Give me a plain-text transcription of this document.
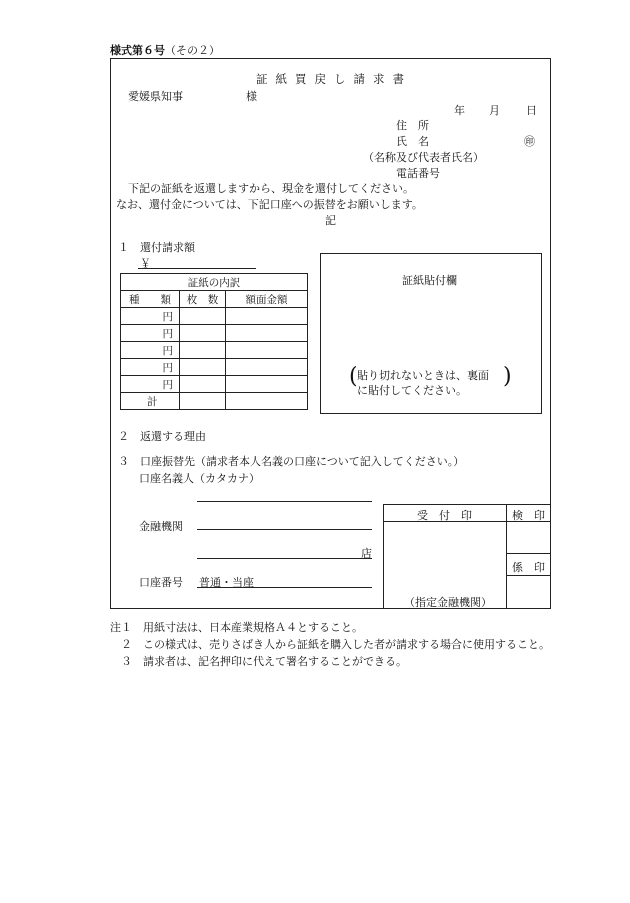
様式第６号（その２）
証紙買戻し請求書
愛媛県知事	様
年 月 日
住　所
氏　名	㊞
（名称及び代表者氏名）
電話番号
下記の証紙を返還しますから、現金を還付してください。
なお、還付金については、下記口座への振替をお願いします。
記
１　還付請求額
￥
証紙の内訳		
種　　類	枚　数	額面金額
円		
円		
円		
円		
円		
計		
証紙貼付欄
( 貼り切れないときは、裏面
に貼付してください。
)
２　返還する理由
３　口座振替先（請求者本人名義の口座について記入してください。）
口座名義人（カタカナ）
金融機関
店
口座番号 普通・当座
受　付　印
（指定金融機関）
検　印
係　印
注１　用紙寸法は、日本産業規格Ａ４とすること。
　２　この様式は、売りさばき人から証紙を購入した者が請求する場合に使用すること。
　３　請求者は、記名押印に代えて署名することができる。
